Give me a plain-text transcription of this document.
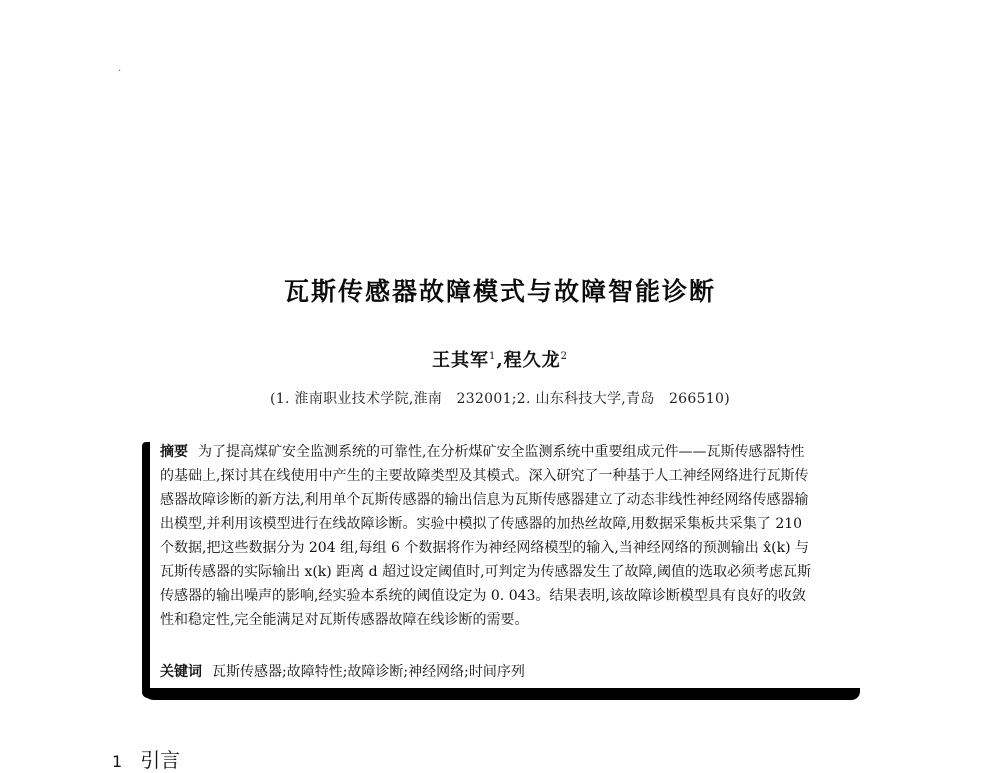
·
瓦斯传感器故障模式与故障智能诊断
王其军$^1$,程久龙$^2$
(1. 淮南职业技术学院,淮南　232001;2. 山东科技大学,青岛　266510)
摘要 为了提高煤矿安全监测系统的可靠性,在分析煤矿安全监测系统中重要组成元件——瓦斯传感器特性
的基础上,探讨其在线使用中产生的主要故障类型及其模式。深入研究了一种基于人工神经网络进行瓦斯传
感器故障诊断的新方法,利用单个瓦斯传感器的输出信息为瓦斯传感器建立了动态非线性神经网络传感器输
出模型,并利用该模型进行在线故障诊断。实验中模拟了传感器的加热丝故障,用数据采集板共采集了 210
个数据,把这些数据分为 204 组,每组 6 个数据将作为神经网络模型的输入,当神经网络的预测输出 x̂(k) 与
瓦斯传感器的实际输出 x(k) 距离 d 超过设定阈值时,可判定为传感器发生了故障,阈值的选取必须考虑瓦斯
传感器的输出噪声的影响,经实验本系统的阈值设定为 0. 043。结果表明,该故障诊断模型具有良好的收敛
性和稳定性,完全能满足对瓦斯传感器故障在线诊断的需要。
关键词 瓦斯传感器;故障特性;故障诊断;神经网络;时间序列
1 引言
